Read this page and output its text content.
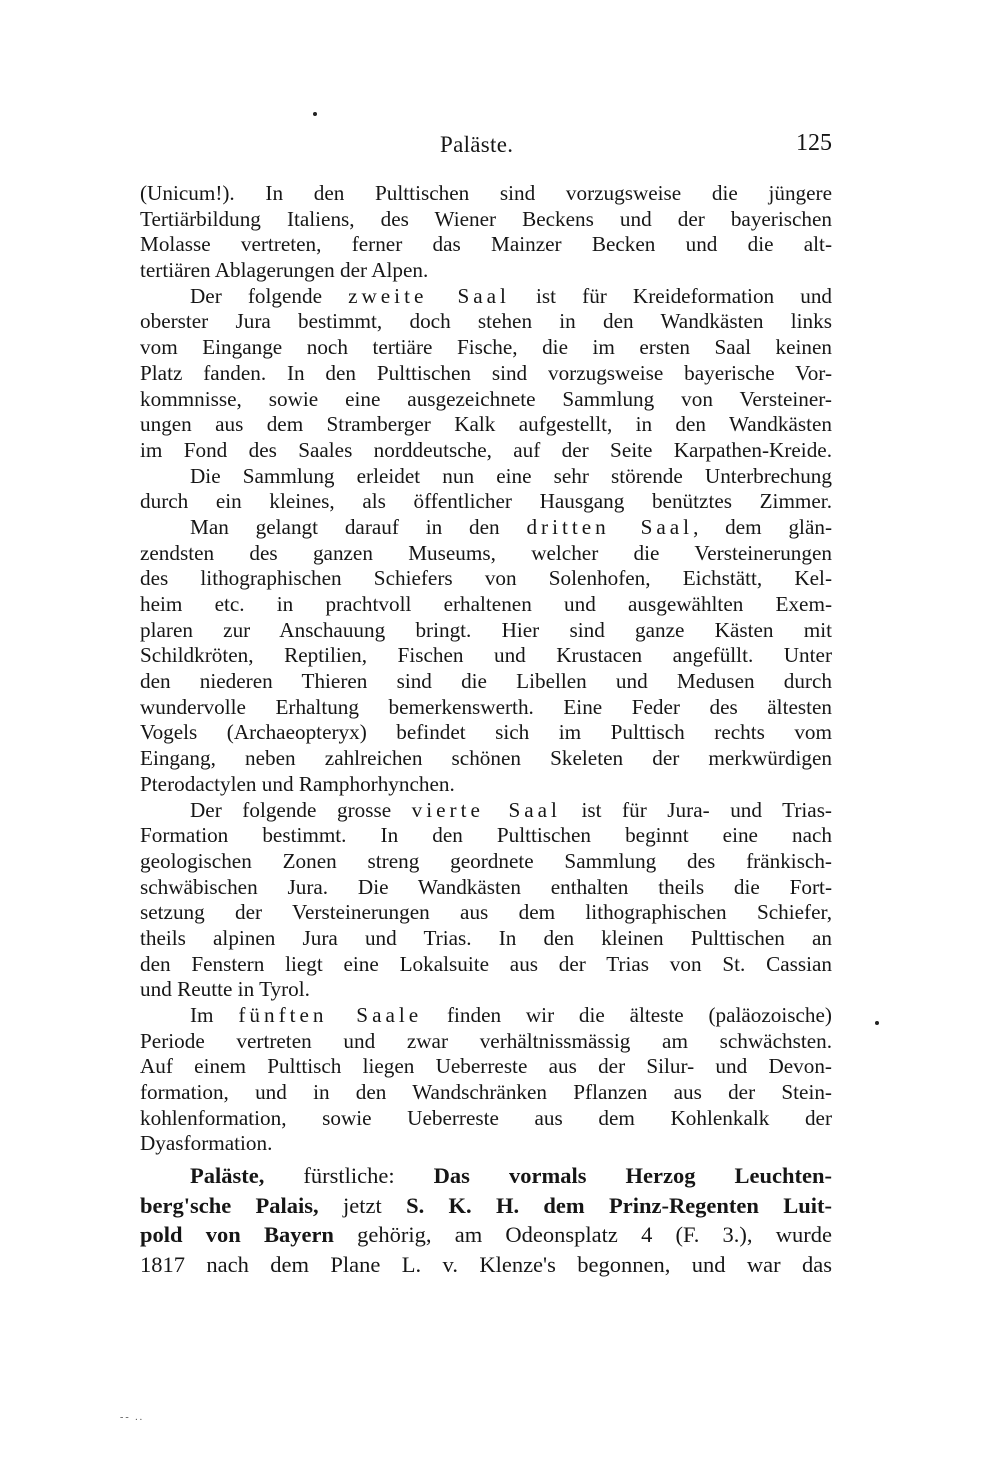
Paläste.	125
(Unicum!). In den Pulttischen sind vorzugsweise die jüngere
Tertiärbildung Italiens, des Wiener Beckens und der bayerischen
Molasse vertreten, ferner das Mainzer Becken und die alt-
tertiären Ablagerungen der Alpen.
Der folgende zweite Saal ist für Kreideformation und
oberster Jura bestimmt, doch stehen in den Wandkästen links
vom Eingange noch tertiäre Fische, die im ersten Saal keinen
Platz fanden. In den Pulttischen sind vorzugsweise bayerische Vor-
kommnisse, sowie eine ausgezeichnete Sammlung von Versteiner-
ungen aus dem Stramberger Kalk aufgestellt, in den Wandkästen
im Fond des Saales norddeutsche, auf der Seite Karpathen-Kreide.
Die Sammlung erleidet nun eine sehr störende Unterbrechung
durch ein kleines, als öffentlicher Hausgang benütztes Zimmer.
Man gelangt darauf in den dritten Saal, dem glän-
zendsten des ganzen Museums, welcher die Versteinerungen
des lithographischen Schiefers von Solenhofen, Eichstätt, Kel-
heim etc. in prachtvoll erhaltenen und ausgewählten Exem-
plaren zur Anschauung bringt. Hier sind ganze Kästen mit
Schildkröten, Reptilien, Fischen und Krustacen angefüllt. Unter
den niederen Thieren sind die Libellen und Medusen durch
wundervolle Erhaltung bemerkenswerth. Eine Feder des ältesten
Vogels (Archaeopteryx) befindet sich im Pulttisch rechts vom
Eingang, neben zahlreichen schönen Skeleten der merkwürdigen
Pterodactylen und Ramphorhynchen.
Der folgende grosse vierte Saal ist für Jura- und Trias-
Formation bestimmt. In den Pulttischen beginnt eine nach
geologischen Zonen streng geordnete Sammlung des fränkisch-
schwäbischen Jura. Die Wandkästen enthalten theils die Fort-
setzung der Versteinerungen aus dem lithographischen Schiefer,
theils alpinen Jura und Trias. In den kleinen Pulttischen an
den Fenstern liegt eine Lokalsuite aus der Trias von St. Cassian
und Reutte in Tyrol.
Im fünften Saale finden wir die älteste (paläozoische)
Periode vertreten und zwar verhältnissmässig am schwächsten.
Auf einem Pulttisch liegen Ueberreste aus der Silur- und Devon-
formation, und in den Wandschränken Pflanzen aus der Stein-
kohlenformation, sowie Ueberreste aus dem Kohlenkalk der
Dyasformation.
Paläste, fürstliche: Das vormals Herzog Leuchten-
berg'sche Palais, jetzt S. K. H. dem Prinz-Regenten Luit-
pold von Bayern gehörig, am Odeonsplatz 4 (F. 3.), wurde
1817 nach dem Plane L. v. Klenze's begonnen, und war das
-- ..
